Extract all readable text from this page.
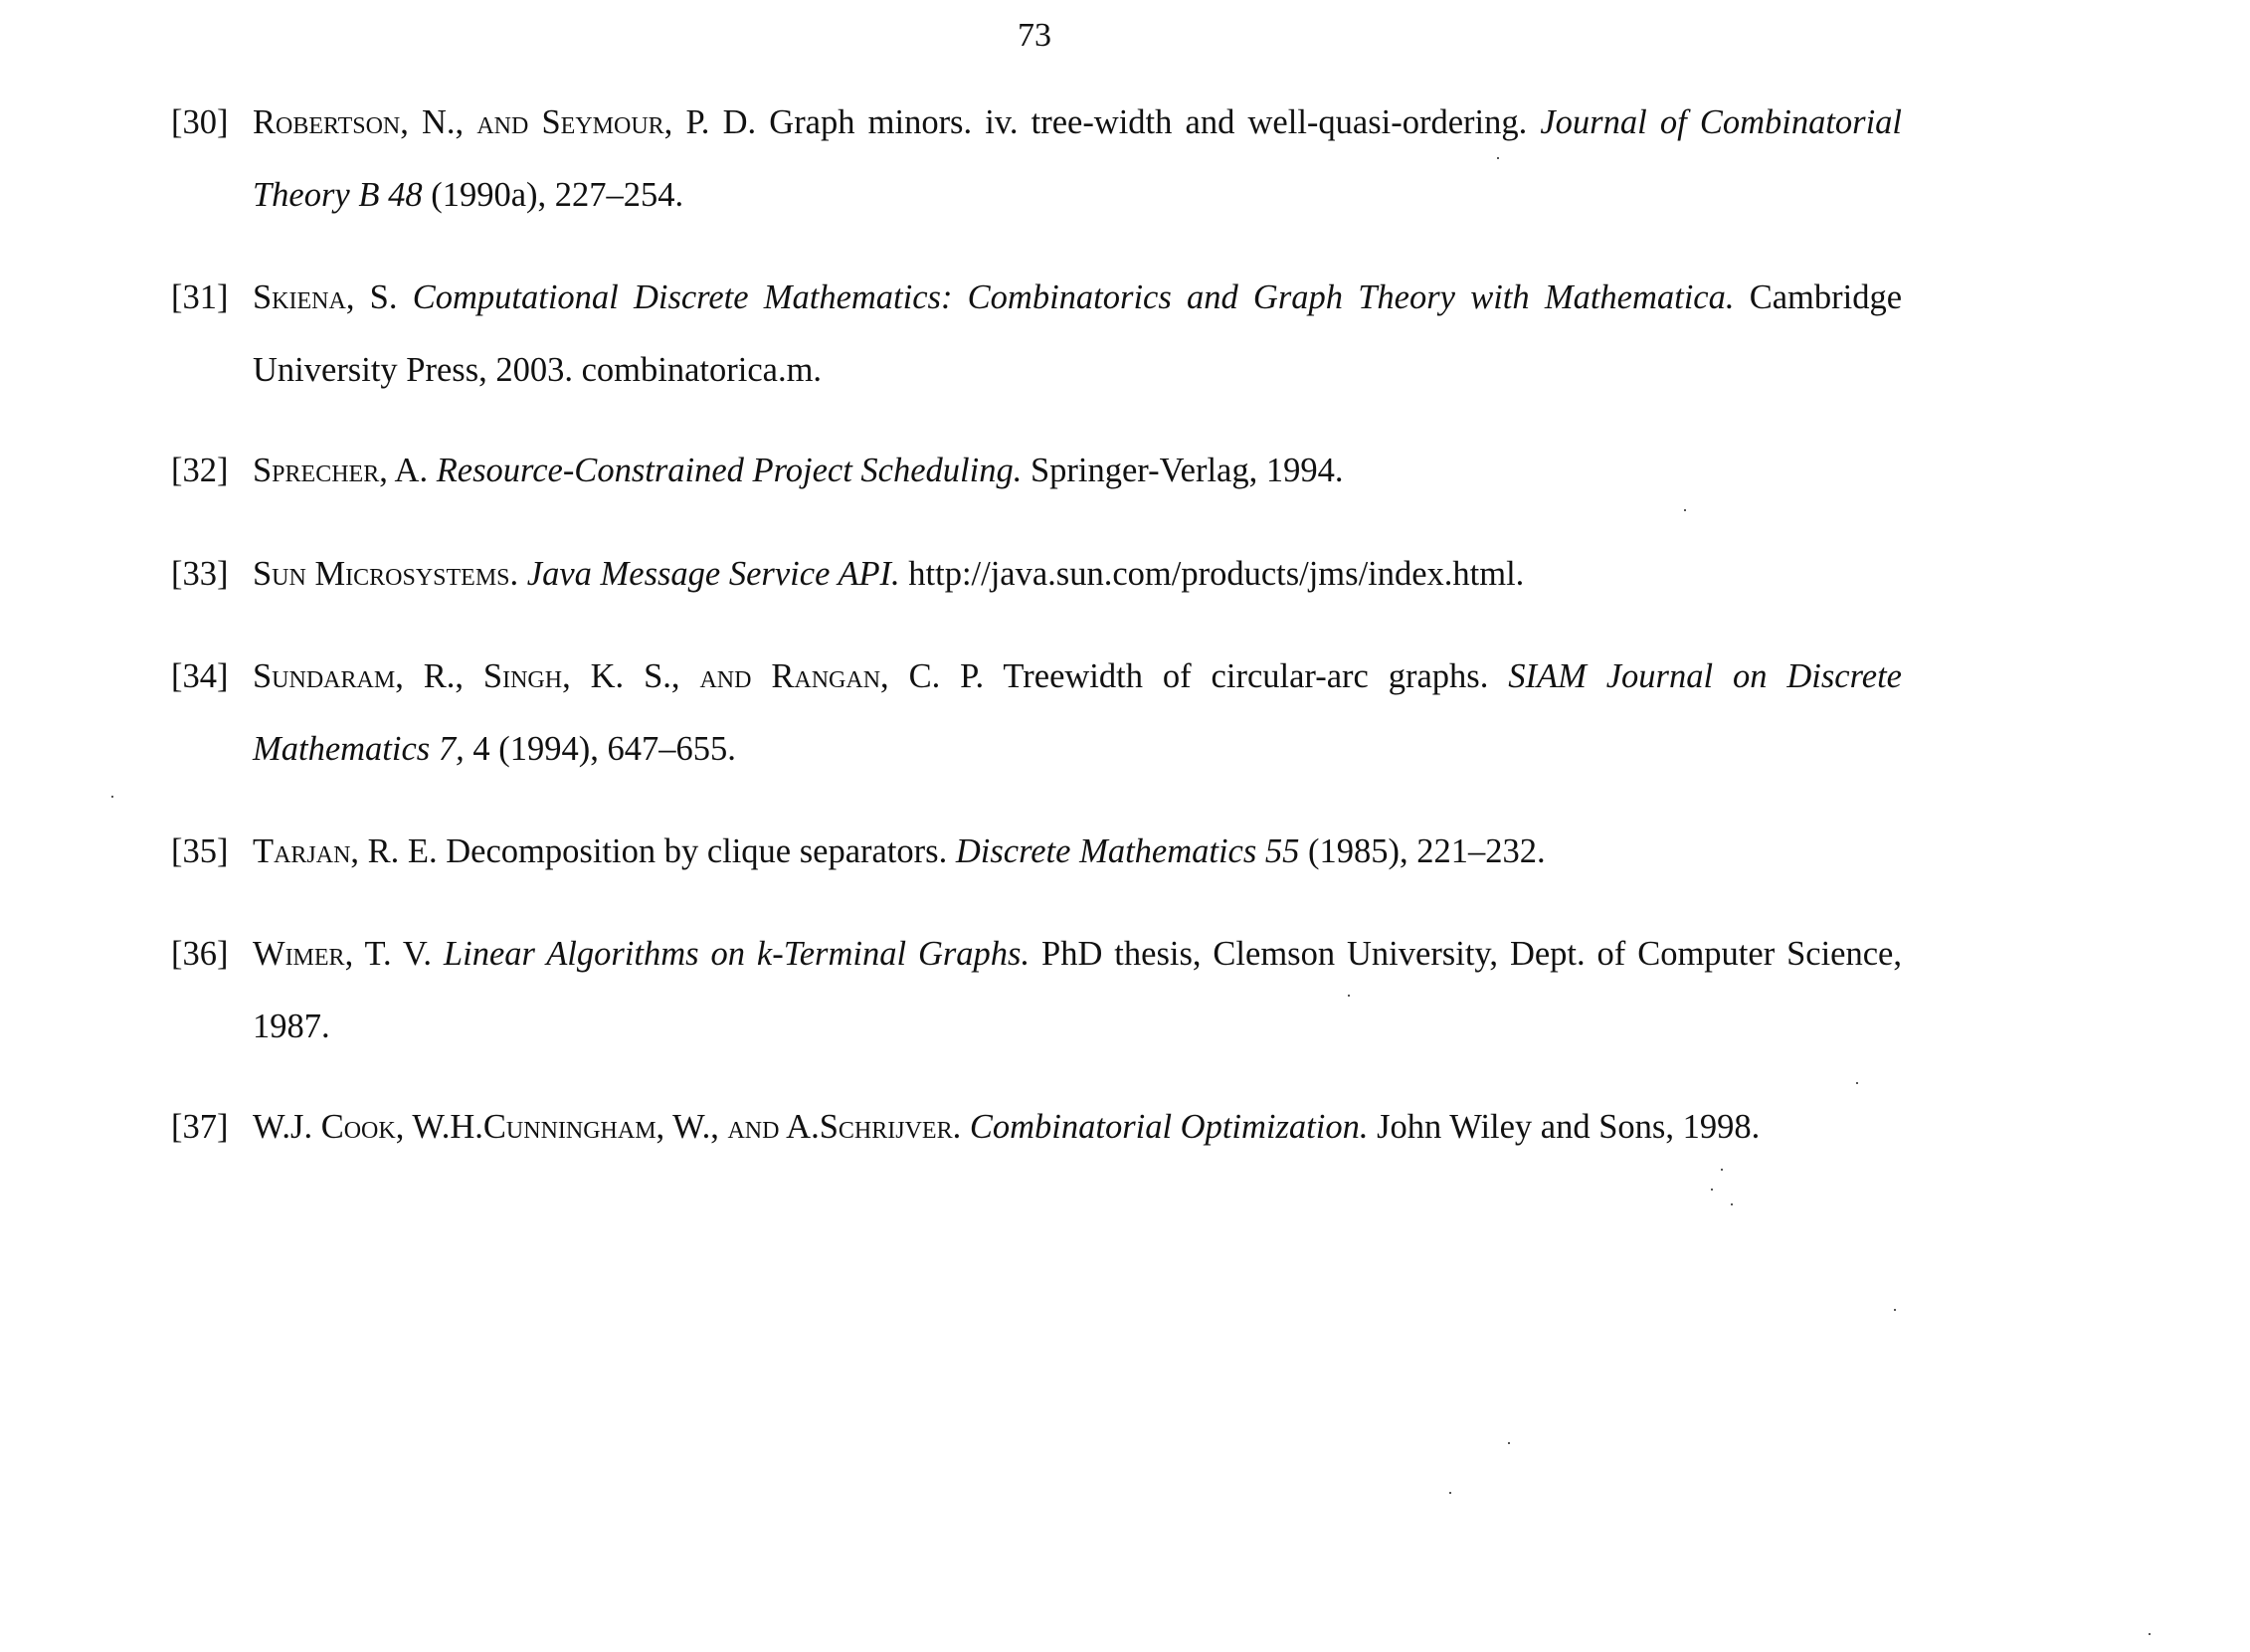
73
[30] Robertson, N., and Seymour, P. D. Graph minors. iv. tree-width and well-quasi-ordering. Journal of Combinatorial Theory B 48 (1990a), 227–254.
[31] Skiena, S. Computational Discrete Mathematics: Combinatorics and Graph Theory with Mathematica. Cambridge University Press, 2003. combinatorica.m.
[32] Sprecher, A. Resource-Constrained Project Scheduling. Springer-Verlag, 1994.
[33] Sun Microsystems. Java Message Service API. http://java.sun.com/products/jms/index.html.
[34] Sundaram, R., Singh, K. S., and Rangan, C. P. Treewidth of circular-arc graphs. SIAM Journal on Discrete Mathematics 7, 4 (1994), 647–655.
[35] Tarjan, R. E. Decomposition by clique separators. Discrete Mathematics 55 (1985), 221–232.
[36] Wimer, T. V. Linear Algorithms on k-Terminal Graphs. PhD thesis, Clemson University, Dept. of Computer Science, 1987.
[37] W.J. Cook, W.H.Cunningham, W., and A.Schrijver. Combinatorial Optimization. John Wiley and Sons, 1998.
